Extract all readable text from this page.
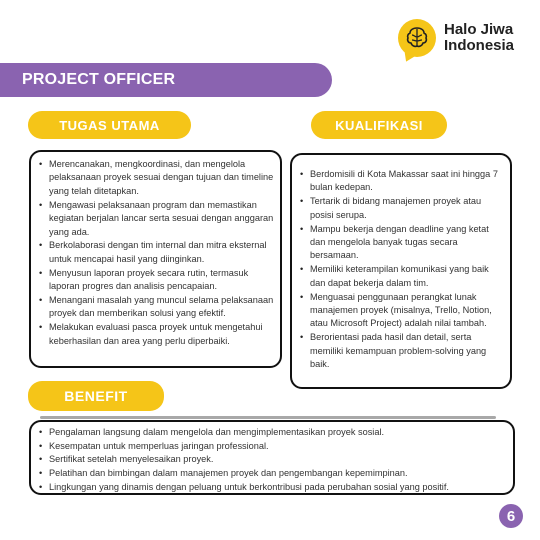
Halo Jiwa
Indonesia
PROJECT OFFICER
TUGAS UTAMA	KUALIFIKASI
• Merencanakan, mengkoordinasi, dan mengelola pelaksanaan proyek sesuai dengan tujuan dan timeline yang telah ditetapkan.
• Mengawasi pelaksanaan program dan memastikan kegiatan berjalan lancar serta sesuai dengan anggaran yang ada.
• Berkolaborasi dengan tim internal dan mitra eksternal untuk mencapai hasil yang diinginkan.
• Menyusun laporan proyek secara rutin, termasuk laporan progres dan analisis pencapaian.
• Menangani masalah yang muncul selama pelaksanaan proyek dan memberikan solusi yang efektif.
• Melakukan evaluasi pasca proyek untuk mengetahui keberhasilan dan area yang perlu diperbaiki.
• Berdomisili di Kota Makassar saat ini hingga 7 bulan kedepan.
• Tertarik di bidang manajemen proyek atau posisi serupa.
• Mampu bekerja dengan deadline yang ketat dan mengelola banyak tugas secara bersamaan.
• Memiliki keterampilan komunikasi yang baik dan dapat bekerja dalam tim.
• Menguasai penggunaan perangkat lunak manajemen proyek (misalnya, Trello, Notion, atau Microsoft Project) adalah nilai tambah.
• Berorientasi pada hasil dan detail, serta memiliki kemampuan problem-solving yang baik.
BENEFIT
• Pengalaman langsung dalam mengelola dan mengimplementasikan proyek sosial.
• Kesempatan untuk memperluas jaringan professional.
• Sertifikat setelah menyelesaikan proyek.
• Pelatihan dan bimbingan dalam manajemen proyek dan pengembangan kepemimpinan.
• Lingkungan yang dinamis dengan peluang untuk berkontribusi pada perubahan sosial yang positif.
6
